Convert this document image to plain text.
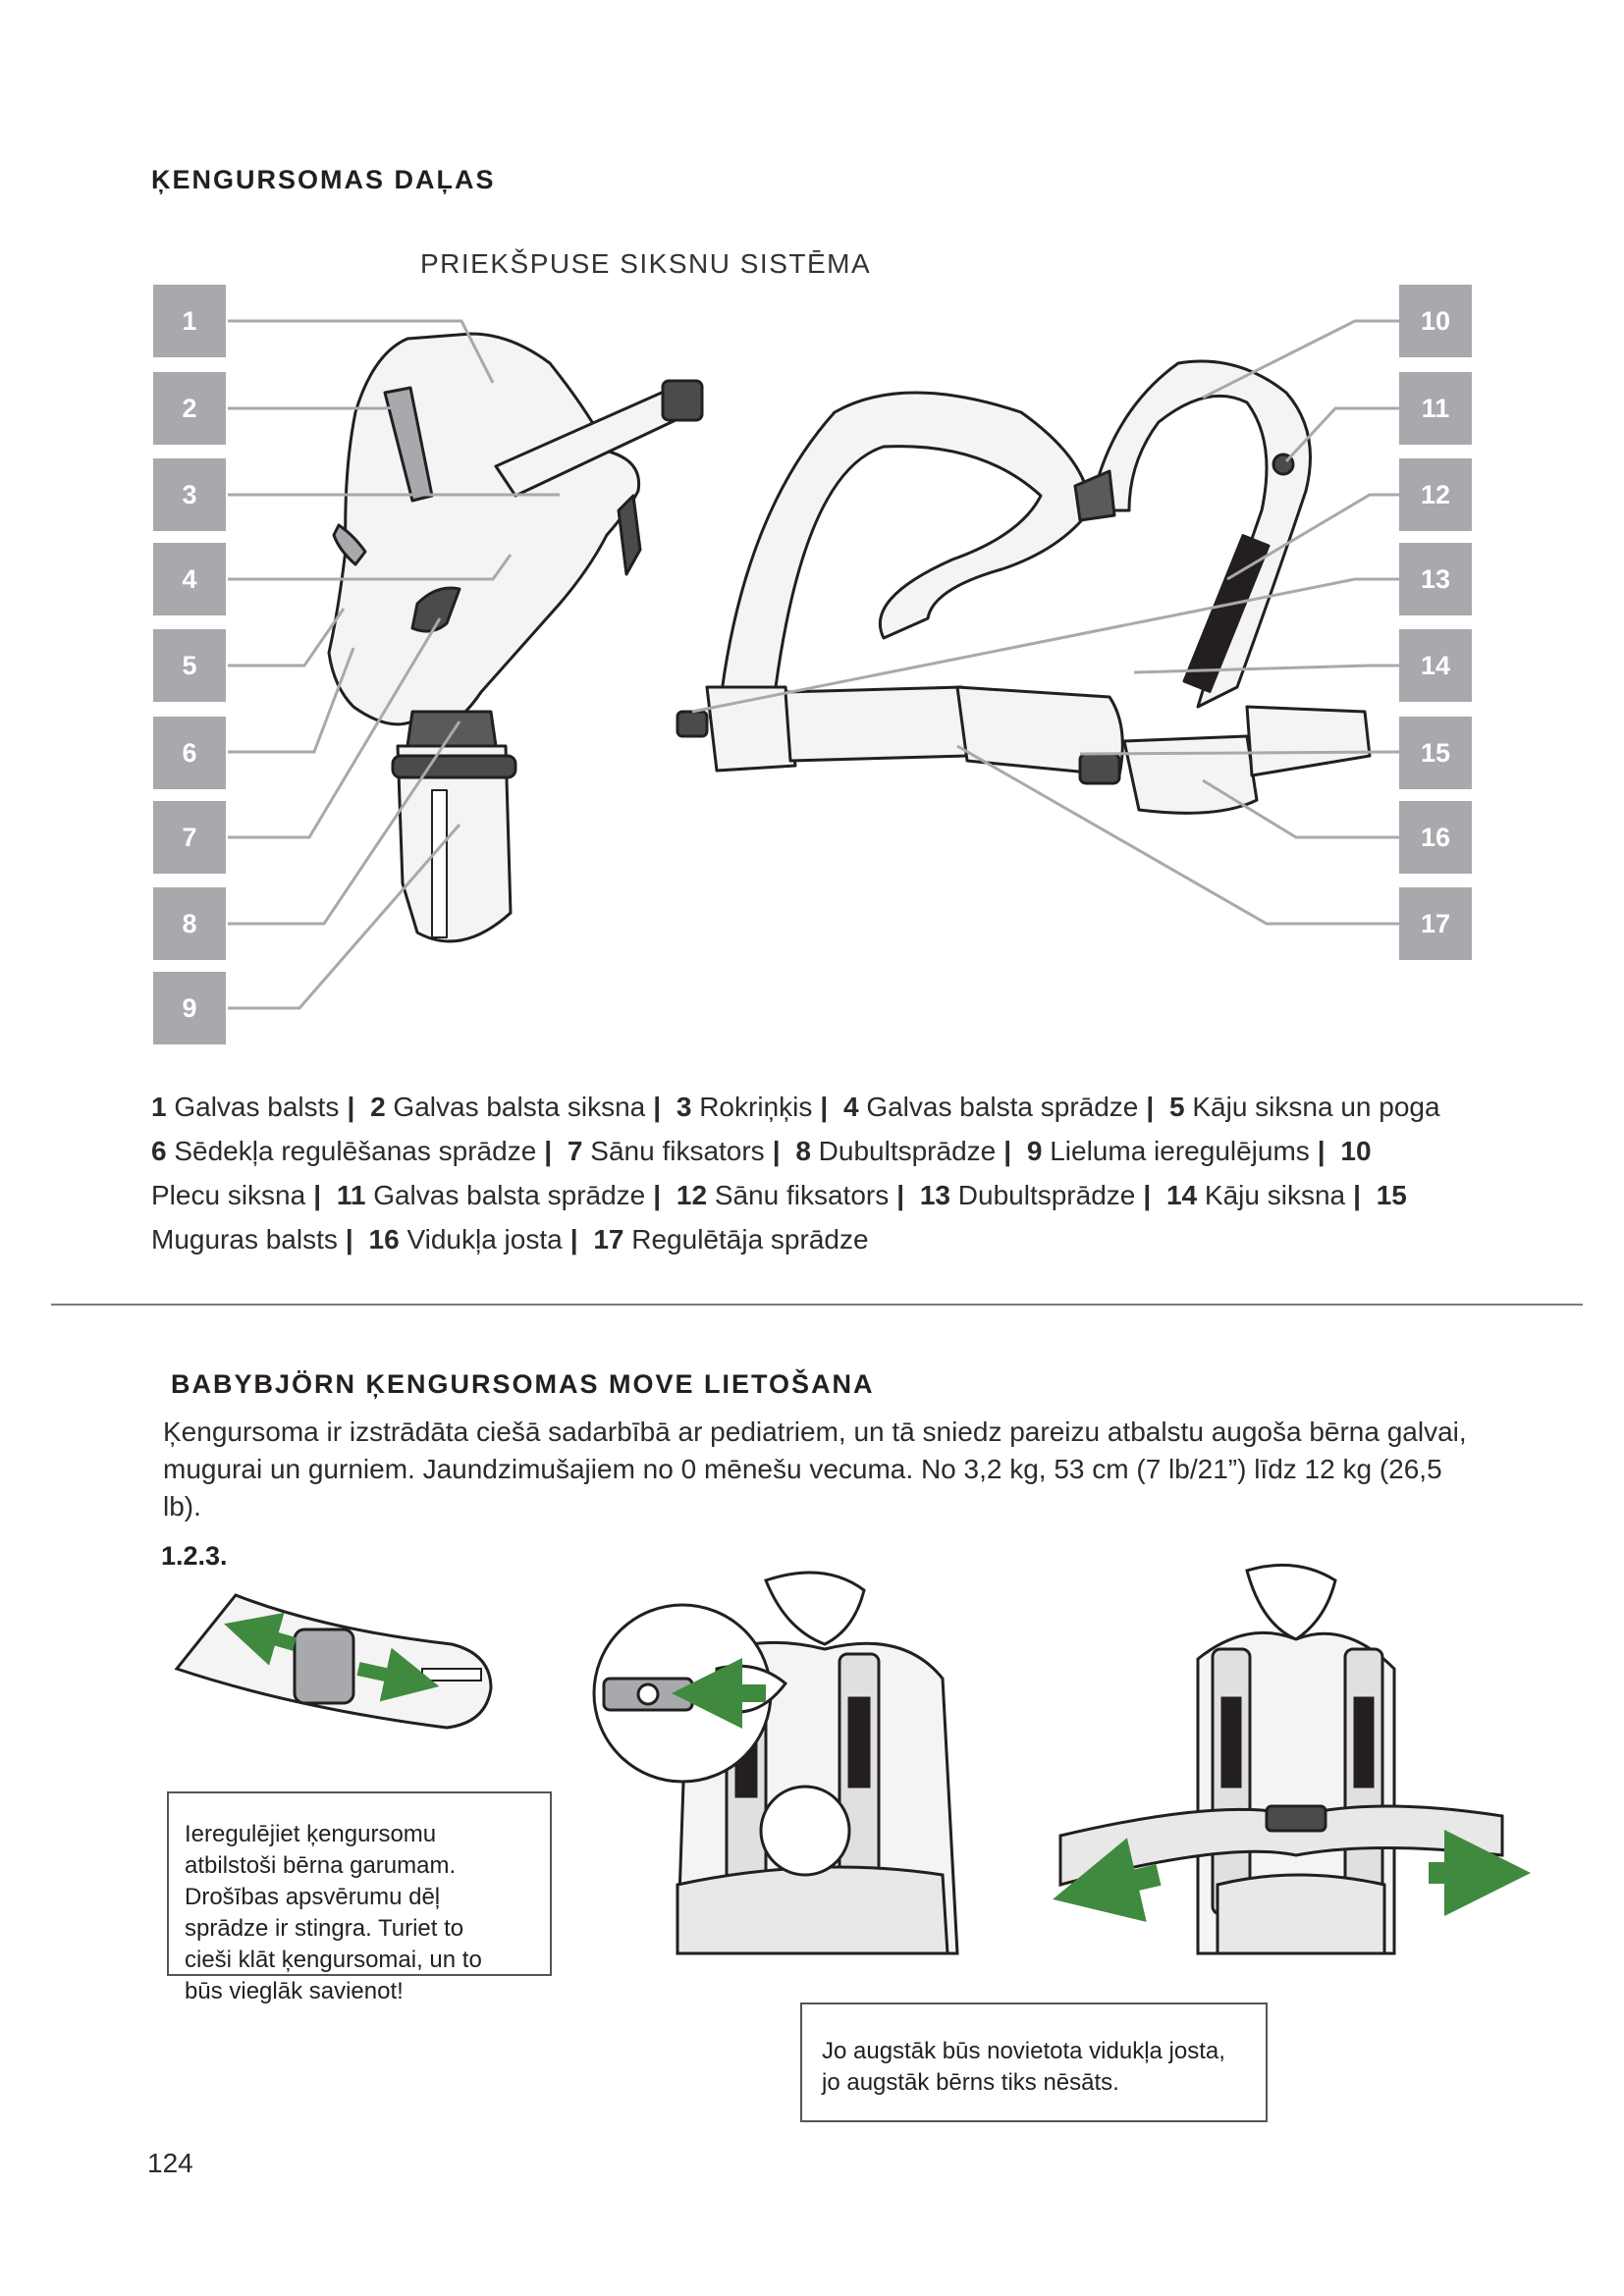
ĶENGURSOMAS DAĻAS
PRIEKŠPUSE SIKSNU SISTĒMA
1
2
3
4
5
6
7
8
9
10
11
12
13
14
15
16
17
1 Galvas balsts | 2 Galvas balsta siksna | 3 Rokriņķis | 4 Galvas balsta sprādze | 5 Kāju siksna un poga
6 Sēdekļa regulēšanas sprādze | 7 Sānu fiksators | 8 Dubultsprādze | 9 Lieluma ieregulējums | 10 Plecu siksna | 11 Galvas balsta sprādze | 12 Sānu fiksators | 13 Dubultsprādze | 14 Kāju siksna | 15 Muguras balsts | 16 Vidukļa josta | 17 Regulētāja sprādze
BABYBJÖRN ĶENGURSOMAS MOVE LIETOŠANA
Ķengursoma ir izstrādāta ciešā sadarbībā ar pediatriem, un tā sniedz pareizu atbalstu augoša bērna galvai,
mugurai un gurniem. Jaundzimušajiem no 0 mēnešu vecuma. No 3,2 kg, 53 cm (7 lb/21”) līdz 12 kg (26,5 lb).
1.2.3.
Ieregulējiet ķengursomu
atbilstoši bērna garumam.
Drošības apsvērumu dēļ
sprādze ir stingra. Turiet to
cieši klāt ķengursomai, un to
būs vieglāk savienot!
Jo augstāk būs novietota vidukļa josta,
jo augstāk bērns tiks nēsāts.
124
